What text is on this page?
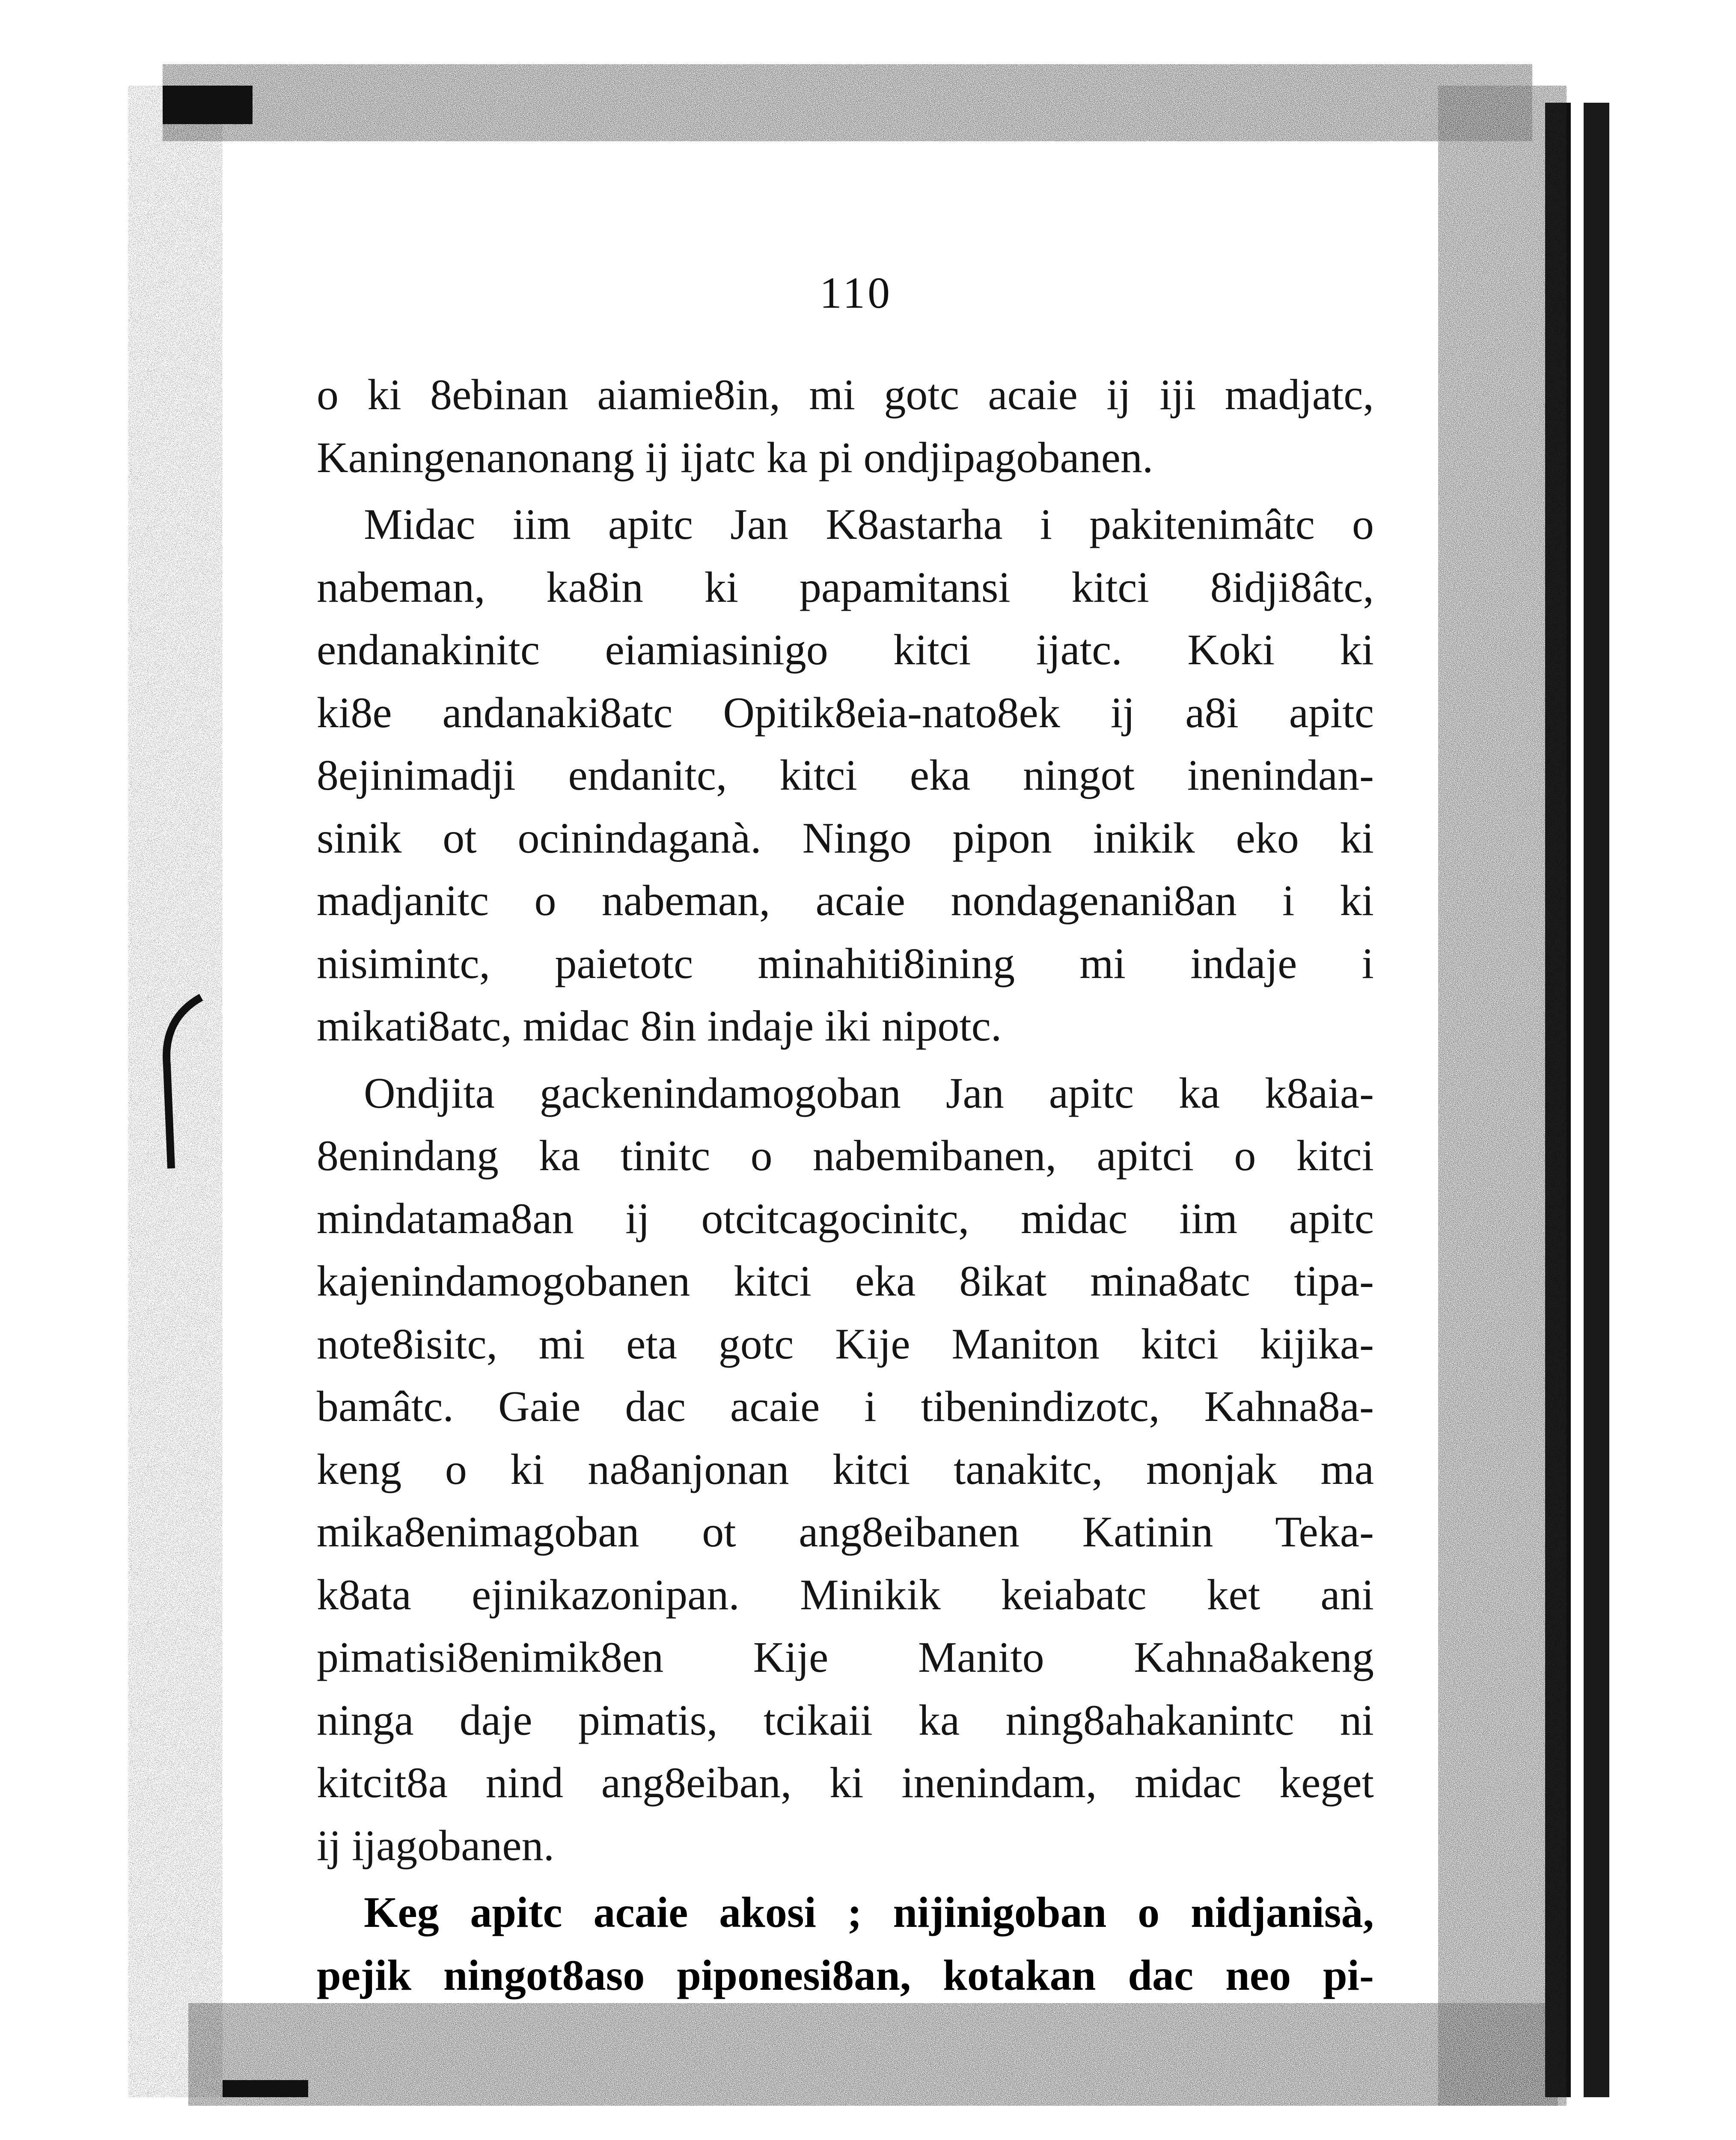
110
o ki 8ebinan aiamie8in, mi gotc acaie ij iji madjatc,
Kaningenanonang ij ijatc ka pi ondjipagobanen.
Midac iim apitc Jan K8astarha i pakitenimâtc o
nabeman, ka8in ki papamitansi kitci 8idji8âtc,
endanakinitc eiamiasinigo kitci ijatc. Koki ki
ki8e andanaki8atc Opitik8eia-nato8ek ij a8i apitc
8ejinimadji endanitc, kitci eka ningot inenindan-
sinik ot ocinindaganà. Ningo pipon inikik eko ki
madjanitc o nabeman, acaie nondagenani8an i ki
nisimintc, paietotc minahiti8ining mi indaje i
mikati8atc, midac 8in indaje iki nipotc.
Ondjita gackenindamogoban Jan apitc ka k8aia-
8enindang ka tinitc o nabemibanen, apitci o kitci
mindatama8an ij otcitcagocinitc, midac iim apitc
kajenindamogobanen kitci eka 8ikat mina8atc tipa-
note8isitc, mi eta gotc Kije Maniton kitci kijika-
bamâtc. Gaie dac acaie i tibenindizotc, Kahna8a-
keng o ki na8anjonan kitci tanakitc, monjak ma
mika8enimagoban ot ang8eibanen Katinin Teka-
k8ata ejinikazonipan. Minikik keiabatc ket ani
pimatisi8enimik8en Kije Manito Kahna8akeng
ninga daje pimatis, tcikaii ka ning8ahakanintc ni
kitcit8a nind ang8eiban, ki inenindam, midac keget
ij ijagobanen.
Keg apitc acaie akosi ; nijinigoban o nidjanisà,
pejik ningot8aso piponesi8an, kotakan dac neo pi-
